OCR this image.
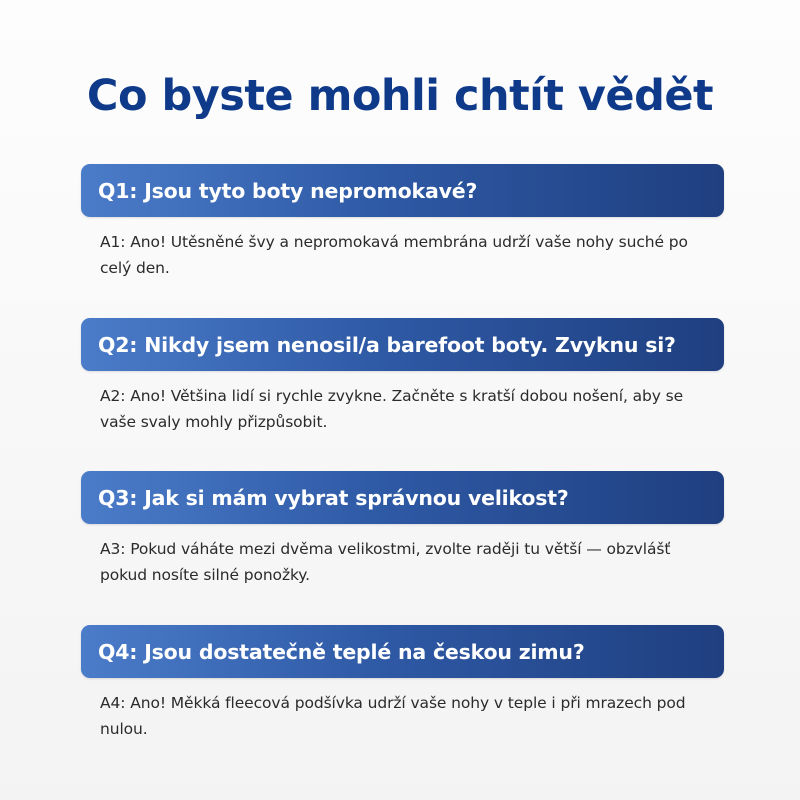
Co byste mohli chtít vědět
Q1: Jsou tyto boty nepromokavé?
A1: Ano! Utěsněné švy a nepromokavá membrána udrží vaše nohy suché po celý den.
Q2: Nikdy jsem nenosil/a barefoot boty. Zvyknu si?
A2: Ano! Většina lidí si rychle zvykne. Začněte s kratší dobou nošení, aby se vaše svaly mohly přizpůsobit.
Q3: Jak si mám vybrat správnou velikost?
A3: Pokud váháte mezi dvěma velikostmi, zvolte raději tu větší — obzvlášť pokud nosíte silné ponožky.
Q4: Jsou dostatečně teplé na českou zimu?
A4: Ano! Měkká fleecová podšívka udrží vaše nohy v teple i při mrazech pod nulou.
